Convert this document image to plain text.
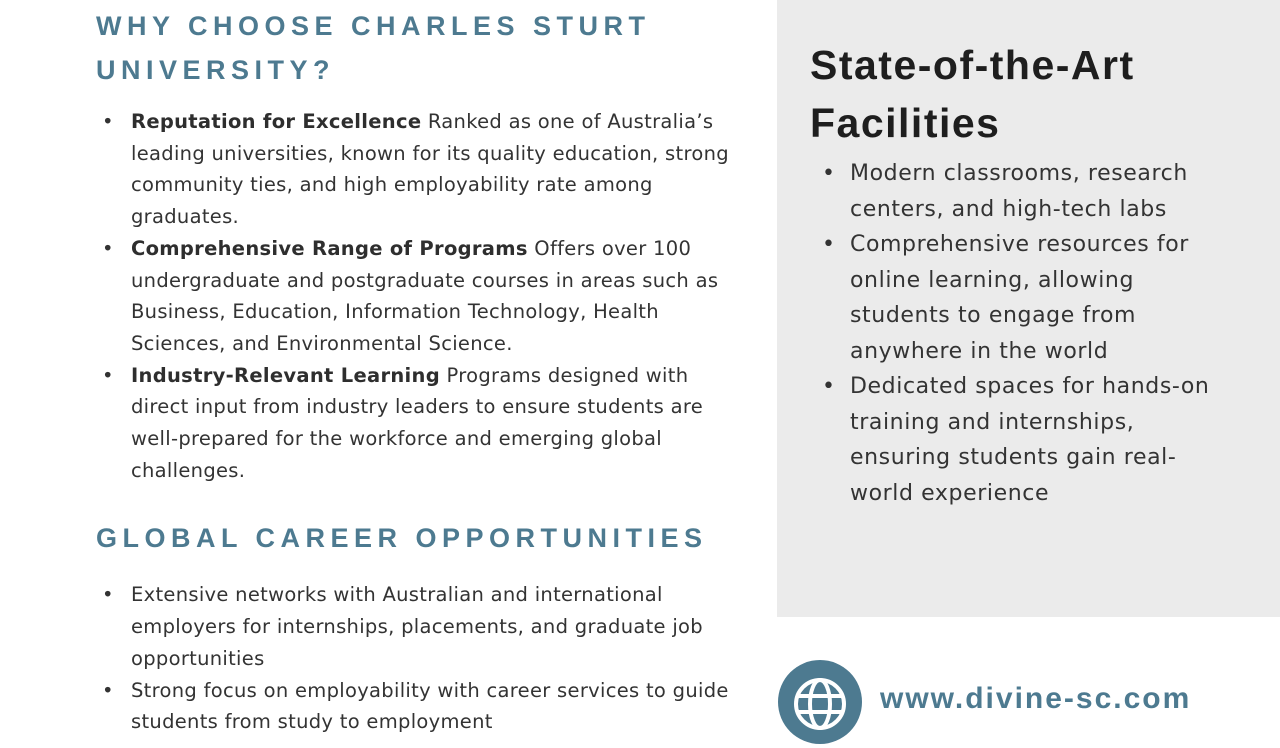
WHY CHOOSE CHARLES STURT UNIVERSITY?
• Reputation for Excellence Ranked as one of Australia’s leading universities, known for its quality education, strong community ties, and high employability rate among graduates.
• Comprehensive Range of Programs Offers over 100 undergraduate and postgraduate courses in areas such as Business, Education, Information Technology, Health Sciences, and Environmental Science.
• Industry-Relevant Learning Programs designed with direct input from industry leaders to ensure students are well-prepared for the workforce and emerging global challenges.
GLOBAL CAREER OPPORTUNITIES
• Extensive networks with Australian and international employers for internships, placements, and graduate job opportunities
• Strong focus on employability with career services to guide students from study to employment
State-of-the-Art Facilities
• Modern classrooms, research centers, and high-tech labs
• Comprehensive resources for online learning, allowing students to engage from anywhere in the world
• Dedicated spaces for hands-on training and internships, ensuring students gain real-world experience
www.divine-sc.com
